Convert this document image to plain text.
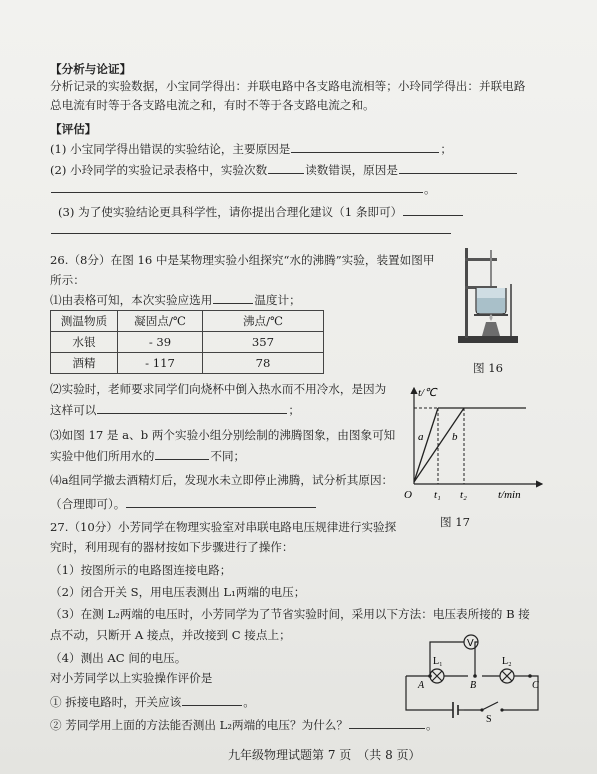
【分析与论证】
分析记录的实验数据，小宝同学得出：并联电路中各支路电流相等；小玲同学得出：并联电路
总电流有时等于各支路电流之和，有时不等于各支路电流之和。
【评估】
(1) 小宝同学得出错误的实验结论，主要原因是	；
(2) 小玲同学的实验记录表格中，实验次数	读数错误，原因是
。
(3) 为了使实验结论更具科学性，请你提出合理化建议（1 条即可）
26.（8分）在图 16 中是某物理实验小组探究“水的沸腾”实验，装置如图甲
所示：
⑴由表格可知，本次实验应选用	温度计；
测温物质	凝固点/℃	沸点/℃
水银	- 39	357
酒精	- 117	78	图 16
⑵实验时，老师要求同学们向烧杯中倒入热水而不用冷水，是因为
这样可以	；
⑶如图 17 是 a、b 两个实验小组分别绘制的沸腾图象，由图象可知
实验中他们所用水的	不同；
⑷a组同学撤去酒精灯后，发现水未立即停止沸腾，试分析其原因：
（合理即可）。
t/℃
t/min
O t₁ t₂
a	b
图 17
27.（10分）小芳同学在物理实验室对串联电路电压规律进行实验探
究时，利用现有的器材按如下步骤进行了操作：
（1）按图所示的电路图连接电路；
（2）闭合开关 S，用电压表测出 L₁两端的电压；
（3）在测 L₂两端的电压时，小芳同学为了节省实验时间，采用以下方法：电压表所接的 B 接
点不动，只断开 A 接点，并改接到 C 接点上；
（4）测出 AC 间的电压。
对小芳同学以上实验操作评价是
① 拆接电路时，开关应该	。
② 芳同学用上面的方法能否测出 L₂两端的电压？为什么？	。
V
L₁	L₂
A	B	C
S
九年级物理试题第 7 页　（共 8 页）
